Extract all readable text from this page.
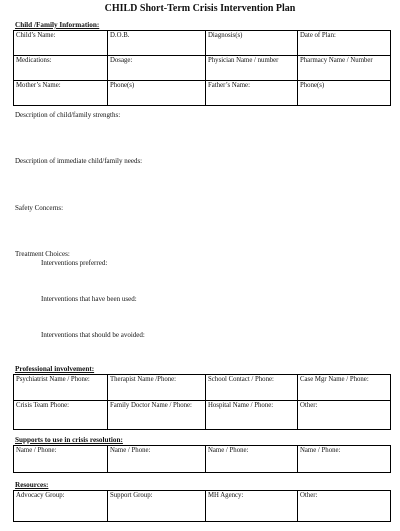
CHILD Short-Term Crisis Intervention Plan
Child /Family Information:
Child’s Name:	D.O.B.	Diagnosis(s)	Date of Plan:
Medications:	Dosage:	Physician Name / number	Pharmacy Name / Number
Mother’s Name:	Phone(s)	Father’s Name:	Phone(s)
Description of child/family strengths:
Description of immediate child/family needs:
Safety Concerns:
Treatment Choices:
Interventions preferred:
Interventions that have been used:
Interventions that should be avoided:
Professional involvement:
Psychiatrist Name / Phone:	Therapist Name /Phone:	School Contact / Phone:	Case Mgr Name / Phone:
Crisis Team Phone:	Family Doctor Name / Phone:	Hospital Name / Phone:	Other:
Supports to use in crisis resolution:
Name / Phone:	Name / Phone:	Name / Phone:	Name / Phone:
Resources:
Advocacy Group:	Support Group:	MH Agency:	Other:
